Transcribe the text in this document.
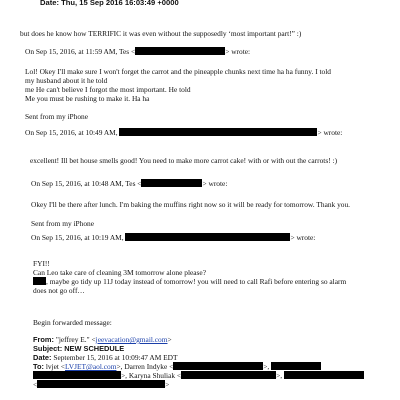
Date: Thu, 15 Sep 2016 16:03:49 +0000
but does he know how TERRIFIC it was even without the supposedly ‘most important part!” :)
On Sep 15, 2016, at 11:59 AM, Tes <	> wrote:
Lol! Okey I'll make sure I won't forget the carrot and the pineapple chunks next time ha ha funny. I told
my husband about it he told
me He can't believe I forgot the most important. He told
Me you must be rushing to make it. Ha ha
Sent from my iPhone
On Sep 15, 2016, at 10:49 AM,	> wrote:
excellent! Ill bet house smells good! You need to make more carrot cake! with or with out the carrots! :)
On Sep 15, 2016, at 10:48 AM, Tes <	> wrote:
Okey I'll be there after lunch. I'm baking the muffins right now so it will be ready for tomorrow. Thank you.
Sent from my iPhone
On Sep 15, 2016, at 10:19 AM,	> wrote:
FYI!!
Can Leo take care of cleaning 3M tomorrow alone please?
, maybe go tidy up 11J today instead of tomorrow! you will need to call Rafi before entering so alarm
does not go off…
Begin forwarded message:
From: "jeffrey E." <jeevacation@gmail.com>
Subject: NEW SCHEDULE
Date: September 15, 2016 at 10:09:47 AM EDT
To: lvjet <LVJET@aol.com>, Darren Indyke <	>,
>, Karyna Shuliak <	>,
<	>
